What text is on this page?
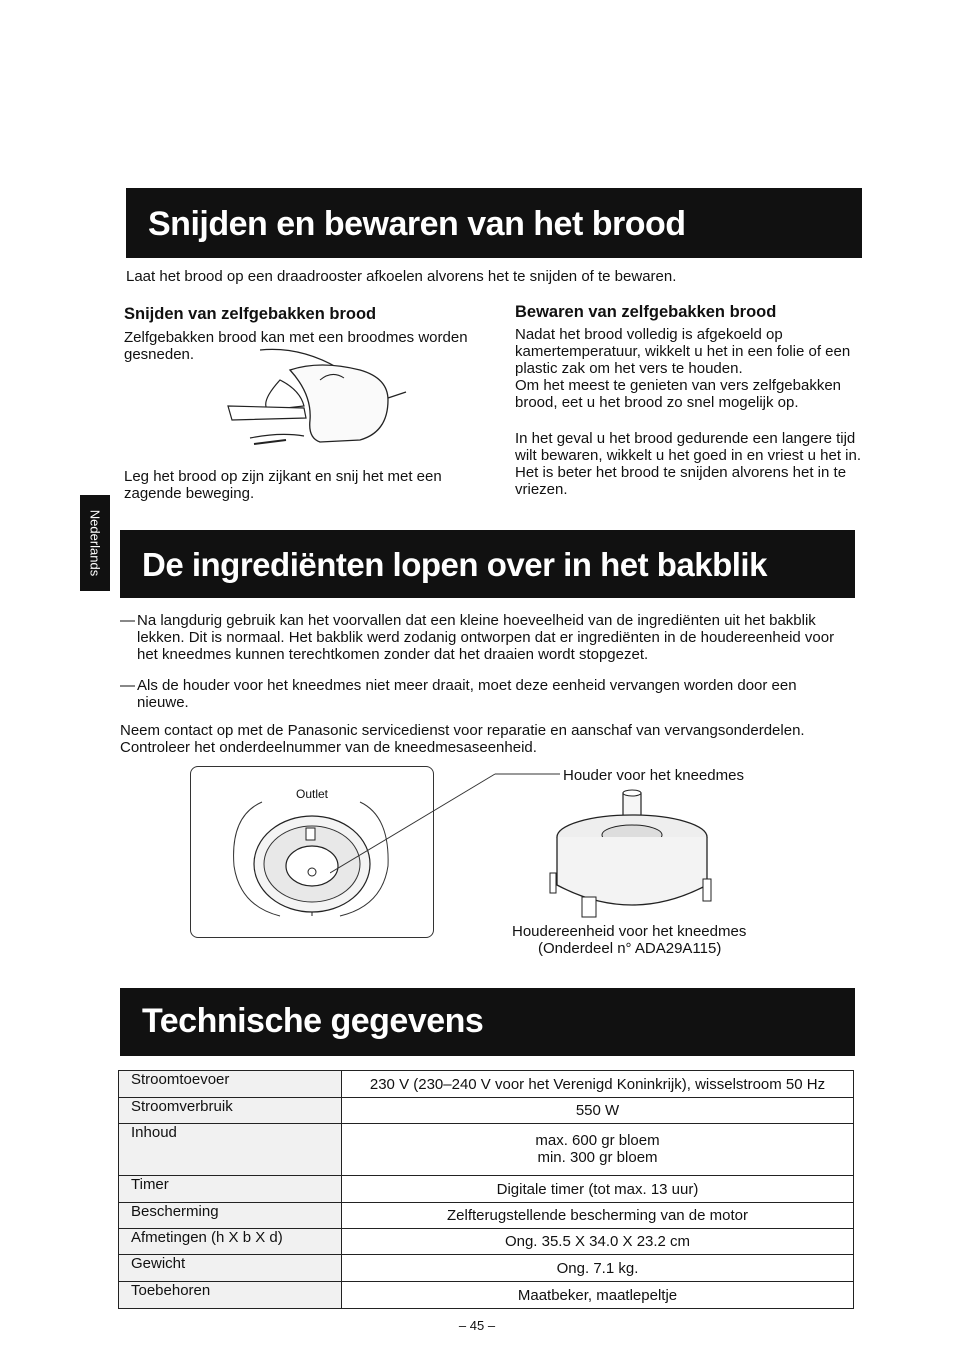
Snijden en bewaren van het brood
Laat het brood op een draadrooster afkoelen alvorens het te snijden of te bewaren.
Snijden van zelfgebakken brood
Zelfgebakken brood kan met een broodmes worden
gesneden.
Leg het brood op zijn zijkant en snij het met een
zagende beweging.
Bewaren van zelfgebakken brood
Nadat het brood volledig is afgekoeld op
kamertemperatuur, wikkelt u het in een folie of een
plastic zak om het vers te houden.
Om het meest te genieten van vers zelfgebakken
brood, eet u het brood zo snel mogelijk op.
In het geval u het brood gedurende een langere tijd
wilt bewaren, wikkelt u het goed in en vriest u het in.
Het is beter het brood te snijden alvorens het in te
vriezen.
Nederlands De ingrediënten lopen over in het bakblik
— Na langdurig gebruik kan het voorvallen dat een kleine hoeveelheid van de ingrediënten uit het bakblik
lekken. Dit is normaal. Het bakblik werd zodanig ontworpen dat er ingrediënten in de houdereenheid voor
het kneedmes kunnen terechtkomen zonder dat het draaien wordt stopgezet.
— Als de houder voor het kneedmes niet meer draait, moet deze eenheid vervangen worden door een
nieuwe.
Neem contact op met de Panasonic servicedienst voor reparatie en aanschaf van vervangsonderdelen.
Controleer het onderdeelnummer van de kneedmesaseenheid.
Outlet
Houder voor het kneedmes
Houdereenheid voor het kneedmes
(Onderdeel n° ADA29A115)
Technische gegevens
Stroomtoevoer	230 V (230–240 V voor het Verenigd Koninkrijk), wisselstroom 50 Hz

Stroomverbruik	550 W

Inhoud	max. 600 gr bloem
min. 300 gr bloem

Timer	Digitale timer (tot max. 13 uur)

Bescherming	Zelfterugstellende bescherming van de motor

Afmetingen (h X b X d)	Ong. 35.5 X 34.0 X 23.2 cm

Gewicht	Ong. 7.1 kg.

Toebehoren	Maatbeker, maatlepeltje
– 45 –
